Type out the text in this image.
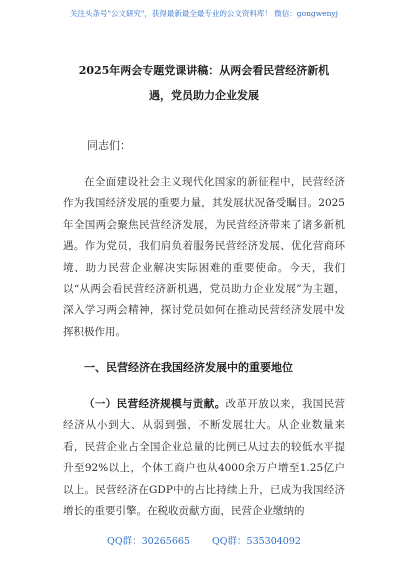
关注头条号"公文研究"，获得最新最全最专业的公文资料库！ 微信：gongwenyj
2025年两会专题党课讲稿：从两会看民营经济新机遇，党员助力企业发展
同志们：

在全面建设社会主义现代化国家的新征程中，民营经济作为我国经济发展的重要力量，其发展状况备受瞩目。2025年全国两会聚焦民营经济发展，为民营经济带来了诸多新机遇。作为党员，我们肩负着服务民营经济发展、优化营商环境、助力民营企业解决实际困难的重要使命。今天，我们以“从两会看民营经济新机遇，党员助力企业发展”为主题，深入学习两会精神，探讨党员如何在推动民营经济发展中发挥积极作用。

一、民营经济在我国经济发展中的重要地位

（一）民营经济规模与贡献。改革开放以来，我国民营经济从小到大、从弱到强，不断发展壮大。从企业数量来看，民营企业占全国企业总量的比例已从过去的较低水平提升至92%以上，个体工商户也从4000余万户增至1.25亿户以上。民营经济在GDP中的占比持续上升，已成为我国经济增长的重要引擎。在税收贡献方面，民营企业缴纳的

QQ群：30265665 QQ群：535304092
